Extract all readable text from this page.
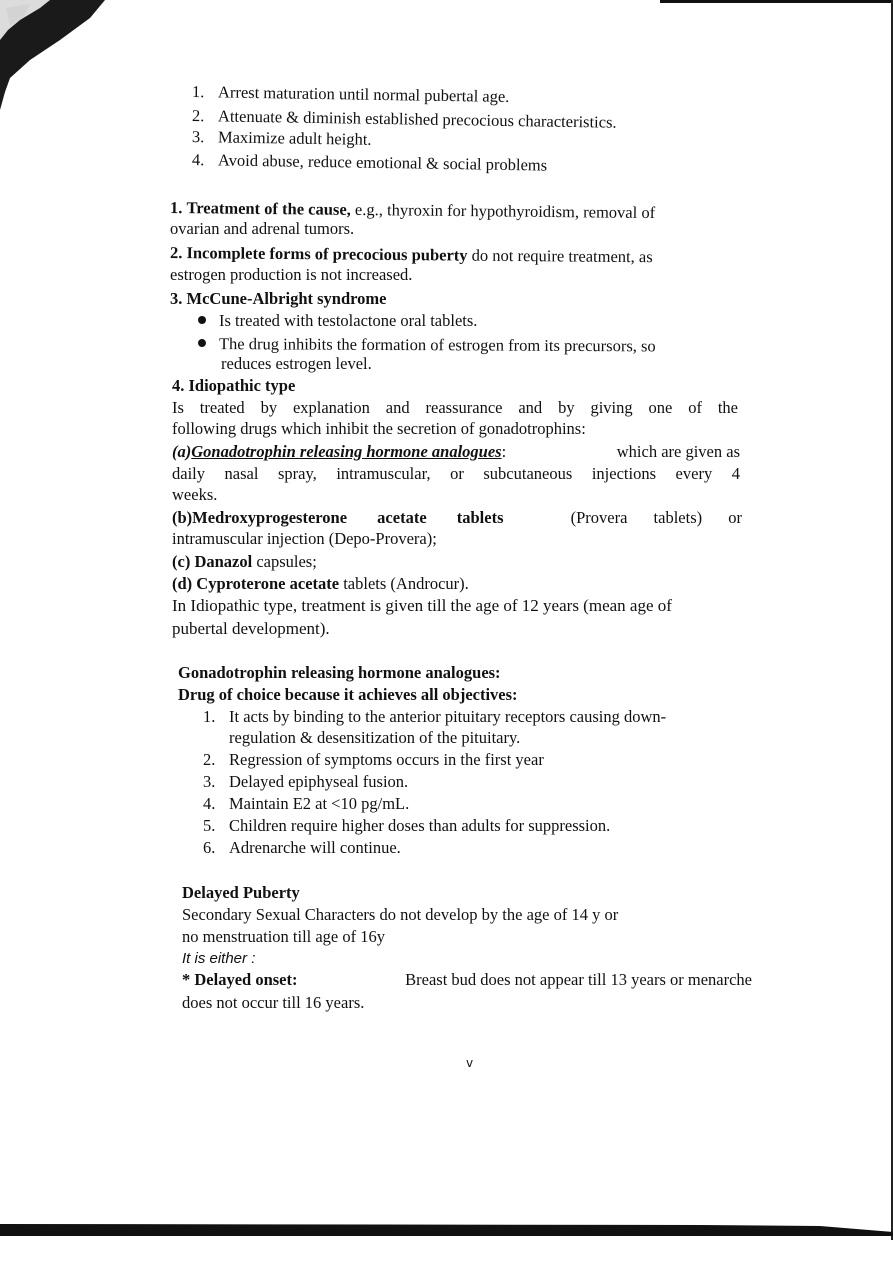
1. Arrest maturation until normal pubertal age.

2. Attenuate & diminish established precocious characteristics.

3. Maximize adult height.

4. Avoid abuse, reduce emotional & social problems

1. Treatment of the cause, e.g., thyroxin for hypothyroidism, removal of

ovarian and adrenal tumors.

2. Incomplete forms of precocious puberty do not require treatment, as

estrogen production is not increased.

3. McCune-Albright syndrome

Is treated with testolactone oral tablets.

The drug inhibits the formation of estrogen from its precursors, so

reduces estrogen level.

4. Idiopathic type

Is treated by explanation and reassurance and by giving one of the

following drugs which inhibit the secretion of gonadotrophins:

(a)Gonadotrophin releasing hormone analogues:	which are given as

daily nasal spray, intramuscular, or subcutaneous injections every 4

weeks.

(b)Medroxyprogesterone acetate tablets	(Provera tablets) or

intramuscular injection (Depo-Provera);

(c) Danazol capsules;

(d) Cyproterone acetate tablets (Androcur).

In Idiopathic type, treatment is given till the age of 12 years (mean age of

pubertal development).

Gonadotrophin releasing hormone analogues:

Drug of choice because it achieves all objectives:

1. It acts by binding to the anterior pituitary receptors causing down-

regulation & desensitization of the pituitary.

2. Regression of symptoms occurs in the first year

3. Delayed epiphyseal fusion.

4. Maintain E2 at <10 pg/mL.

5. Children require higher doses than adults for suppression.

6. Adrenarche will continue.

Delayed Puberty

Secondary Sexual Characters do not develop by the age of 14 y or

no menstruation till age of 16y

It is either :

* Delayed onset:	Breast bud does not appear till 13 years or menarche

does not occur till 16 years.

v
